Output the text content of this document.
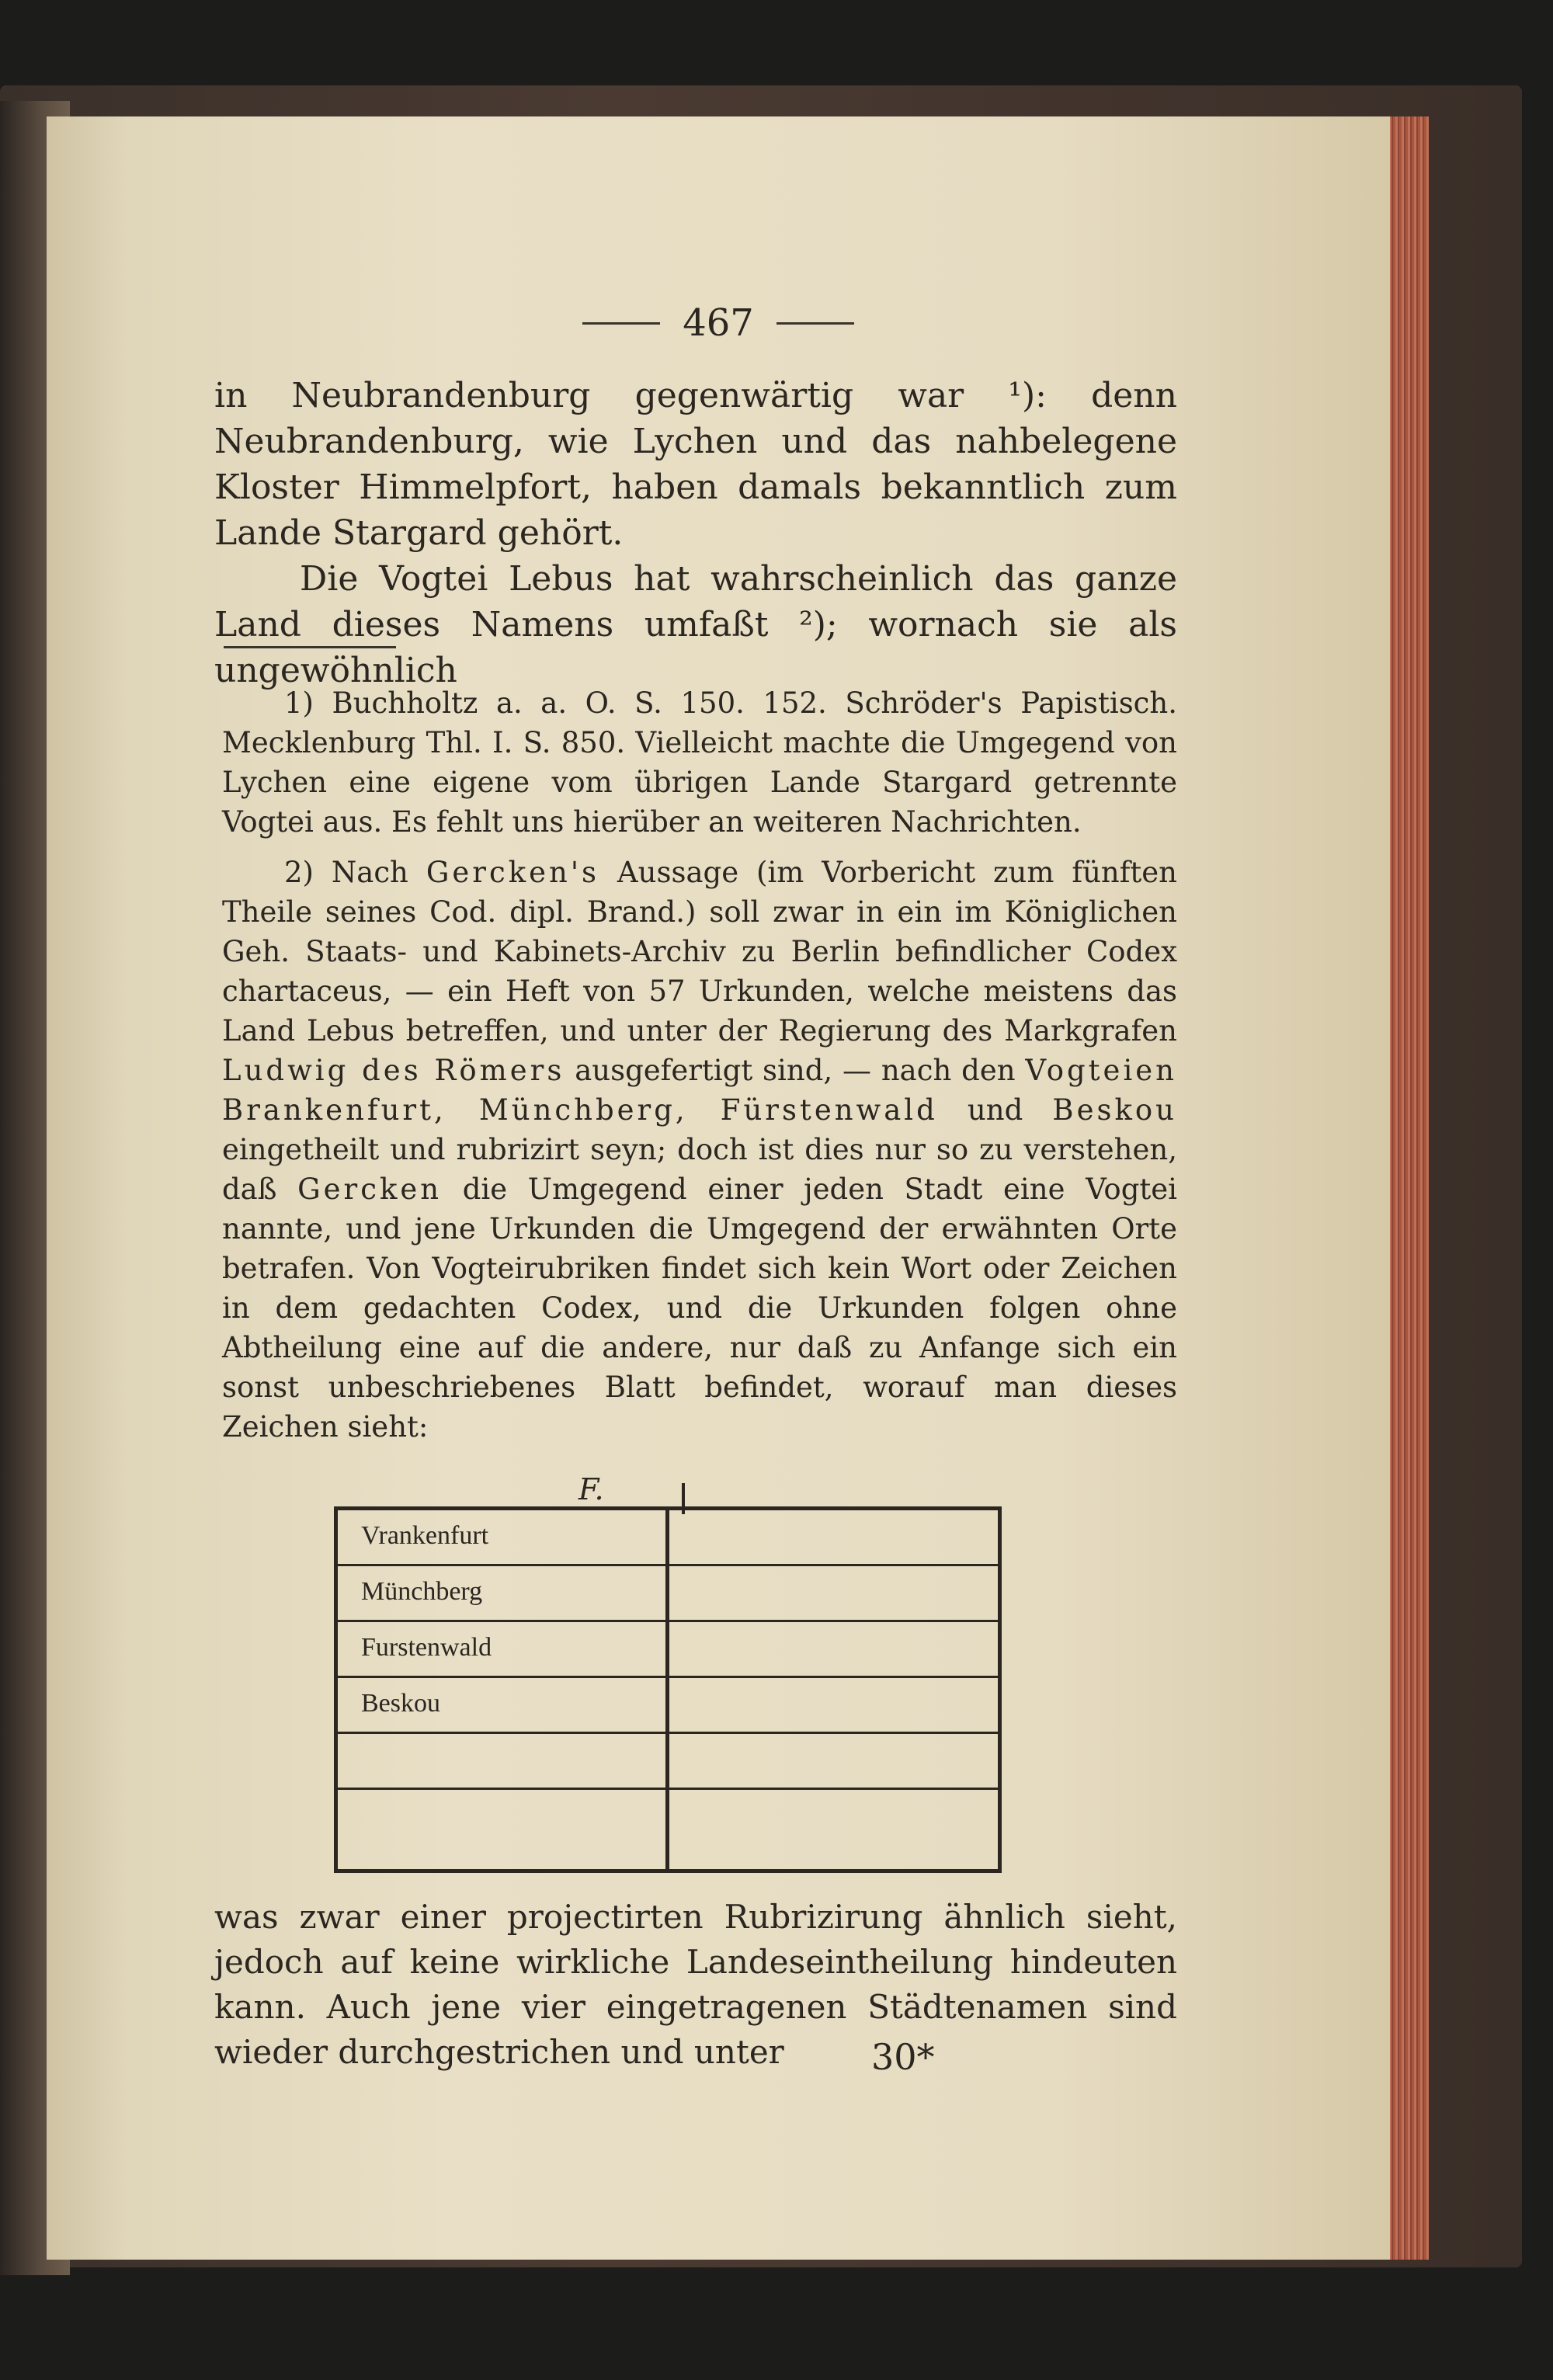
467

in Neubrandenburg gegenwärtig war ¹): denn Neubrandenburg, wie Lychen und das nahbelegene Kloster Himmelpfort, haben damals bekanntlich zum Lande Stargard gehört.

Die Vogtei Lebus hat wahrscheinlich das ganze Land dieses Namens umfaßt ²); wornach sie als ungewöhnlich

1) Buchholtz a. a. O. S. 150. 152. Schröder's Papistisch. Mecklenburg Thl. I. S. 850. Vielleicht machte die Umgegend von Lychen eine eigene vom übrigen Lande Stargard getrennte Vogtei aus. Es fehlt uns hierüber an weiteren Nachrichten.

2) Nach Gercken's Aussage (im Vorbericht zum fünften Theile seines Cod. dipl. Brand.) soll zwar in ein im Königlichen Geh. Staats- und Kabinets-Archiv zu Berlin befindlicher Codex chartaceus, — ein Heft von 57 Urkunden, welche meistens das Land Lebus betreffen, und unter der Regierung des Markgrafen Ludwig des Römers ausgefertigt sind, — nach den Vogteien Brankenfurt, Münchberg, Fürstenwald und Beskou eingetheilt und rubrizirt seyn; doch ist dies nur so zu verstehen, daß Gercken die Umgegend einer jeden Stadt eine Vogtei nannte, und jene Urkunden die Umgegend der erwähnten Orte betrafen. Von Vogteirubriken findet sich kein Wort oder Zeichen in dem gedachten Codex, und die Urkunden folgen ohne Abtheilung eine auf die andere, nur daß zu Anfange sich ein sonst unbeschriebenes Blatt befindet, worauf man dieses Zeichen sieht:

F.
Vrankenfurt
Münchberg
Furstenwald
Beskou

was zwar einer projectirten Rubrizirung ähnlich sieht, jedoch auf keine wirkliche Landeseintheilung hindeuten kann. Auch jene vier eingetragenen Städtenamen sind wieder durchgestrichen und unter	30*
